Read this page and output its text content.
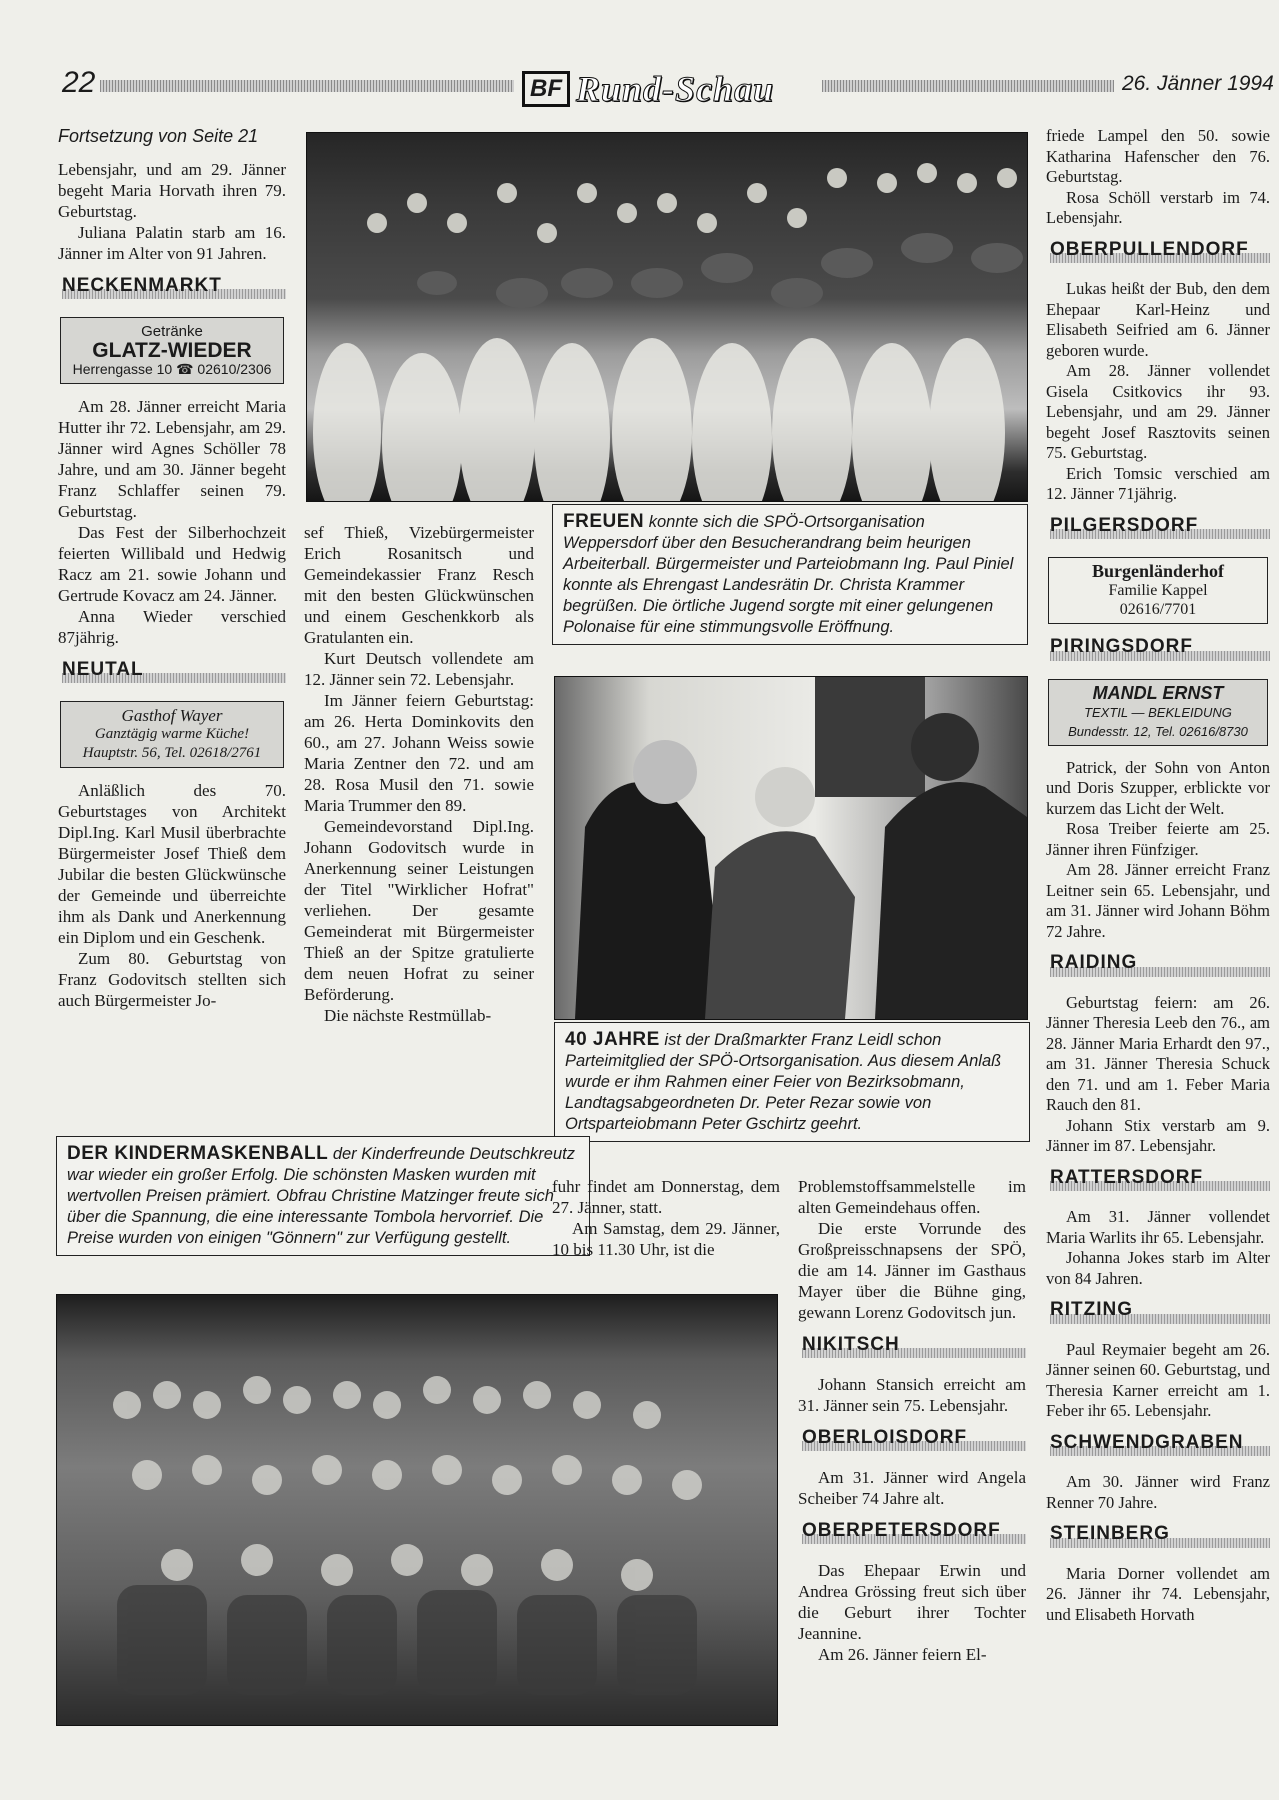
22	BF Rund-Schau	26. Jänner 1994

Fortsetzung von Seite 21

Lebensjahr, und am 29. Jänner begeht Maria Horvath ihren 79. Geburtstag.

Juliana Palatin starb am 16. Jänner im Alter von 91 Jahren.

NECKENMARKT
Getränke
GLATZ-WIEDER
Herrengasse 10 ☎ 02610/2306

Am 28. Jänner erreicht Maria Hutter ihr 72. Lebensjahr, am 29. Jänner wird Agnes Schöller 78 Jahre, und am 30. Jänner begeht Franz Schlaffer seinen 79. Geburtstag.

Das Fest der Silberhochzeit feierten Willibald und Hedwig Racz am 21. sowie Johann und Gertrude Kovacz am 24. Jänner.

Anna Wieder verschied 87jährig.

NEUTAL
Gasthof Wayer
Ganztägig warme Küche!
Hauptstr. 56, Tel. 02618/2761

Anläßlich des 70. Geburtstages von Architekt Dipl.Ing. Karl Musil überbrachte Bürgermeister Josef Thieß dem Jubilar die besten Glückwünsche der Gemeinde und überreichte ihm als Dank und Anerkennung ein Diplom und ein Geschenk.

Zum 80. Geburtstag von Franz Godovitsch stellten sich auch Bürgermeister Jo-

FREUEN konnte sich die SPÖ-Ortsorganisation Weppersdorf über den Besucherandrang beim heurigen Arbeiterball. Bürgermeister und Parteiobmann Ing. Paul Piniel konnte als Ehrengast Landesrätin Dr. Christa Krammer begrüßen. Die örtliche Jugend sorgte mit einer gelungenen Polonaise für eine stimmungsvolle Eröffnung.

sef Thieß, Vizebürgermeister Erich Rosanitsch und Gemeindekassier Franz Resch mit den besten Glückwünschen und einem Geschenkkorb als Gratulanten ein.

Kurt Deutsch vollendete am 12. Jänner sein 72. Lebensjahr.

Im Jänner feiern Geburtstag: am 26. Herta Dominkovits den 60., am 27. Johann Weiss sowie Maria Zentner den 72. und am 28. Rosa Musil den 71. sowie Maria Trummer den 89.

Gemeindevorstand Dipl.Ing. Johann Godovitsch wurde in Anerkennung seiner Leistungen der Titel "Wirklicher Hofrat" verliehen. Der gesamte Gemeinderat mit Bürgermeister Thieß an der Spitze gratulierte dem neuen Hofrat zu seiner Beförderung.

Die nächste Restmüllab-

40 JAHRE ist der Draßmarkter Franz Leidl schon Parteimitglied der SPÖ-Ortsorganisation. Aus diesem Anlaß wurde er ihm Rahmen einer Feier von Bezirksobmann, Landtagsabgeordneten Dr. Peter Rezar sowie von Ortsparteiobmann Peter Gschirtz geehrt.
DER KINDERMASKENBALL der Kinderfreunde Deutschkreutz war wieder ein großer Erfolg. Die schönsten Masken wurden mit wertvollen Preisen prämiert. Obfrau Christine Matzinger freute sich über die Spannung, die eine interessante Tombola hervorrief. Die Preise wurden von einigen "Gönnern" zur Verfügung gestellt.

fuhr findet am Donnerstag, dem 27. Jänner, statt.

Am Samstag, dem 29. Jänner, 10 bis 11.30 Uhr, ist die

Problemstoffsammelstelle im alten Gemeindehaus offen.

Die erste Vorrunde des Großpreisschnapsens der SPÖ, die am 14. Jänner im Gasthaus Mayer über die Bühne ging, gewann Lorenz Godovitsch jun.

NIKITSCH

Johann Stansich erreicht am 31. Jänner sein 75. Lebensjahr.

OBERLOISDORF

Am 31. Jänner wird Angela Scheiber 74 Jahre alt.

OBERPETERSDORF

Das Ehepaar Erwin und Andrea Grössing freut sich über die Geburt ihrer Tochter Jeannine.

Am 26. Jänner feiern El-

friede Lampel den 50. sowie Katharina Hafenscher den 76. Geburtstag.

Rosa Schöll verstarb im 74. Lebensjahr.

OBERPULLENDORF

Lukas heißt der Bub, den dem Ehepaar Karl-Heinz und Elisabeth Seifried am 6. Jänner geboren wurde.

Am 28. Jänner vollendet Gisela Csitkovics ihr 93. Lebensjahr, und am 29. Jänner begeht Josef Rasztovits seinen 75. Geburtstag.

Erich Tomsic verschied am 12. Jänner 71jährig.

PILGERSDORF
Burgenländerhof
Familie Kappel
02616/7701
PIRINGSDORF
MANDL ERNST
TEXTIL — BEKLEIDUNG
Bundesstr. 12, Tel. 02616/8730

Patrick, der Sohn von Anton und Doris Szupper, erblickte vor kurzem das Licht der Welt.

Rosa Treiber feierte am 25. Jänner ihren Fünfziger.

Am 28. Jänner erreicht Franz Leitner sein 65. Lebensjahr, und am 31. Jänner wird Johann Böhm 72 Jahre.

RAIDING

Geburtstag feiern: am 26. Jänner Theresia Leeb den 76., am 28. Jänner Maria Erhardt den 97., am 31. Jänner Theresia Schuck den 71. und am 1. Feber Maria Rauch den 81.

Johann Stix verstarb am 9. Jänner im 87. Lebensjahr.

RATTERSDORF

Am 31. Jänner vollendet Maria Warlits ihr 65. Lebensjahr.

Johanna Jokes starb im Alter von 84 Jahren.

RITZING

Paul Reymaier begeht am 26. Jänner seinen 60. Geburtstag, und Theresia Karner erreicht am 1. Feber ihr 65. Lebensjahr.

SCHWENDGRABEN

Am 30. Jänner wird Franz Renner 70 Jahre.

STEINBERG

Maria Dorner vollendet am 26. Jänner ihr 74. Lebensjahr, und Elisabeth Horvath
